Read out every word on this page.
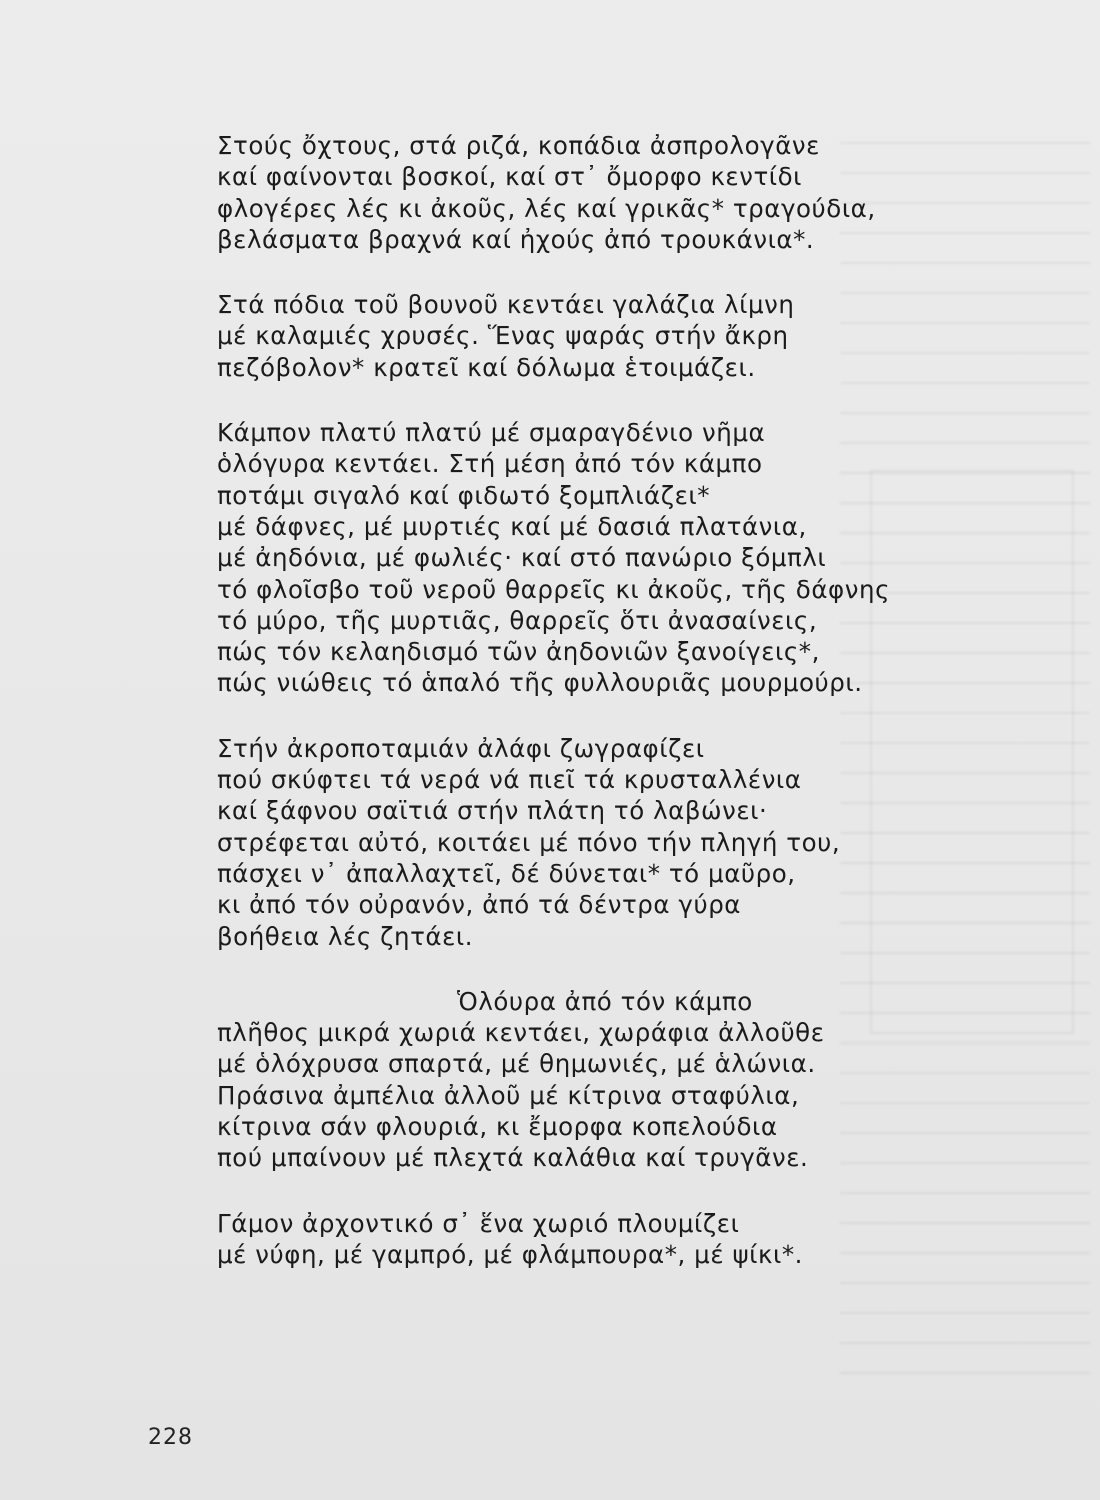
Στούς ὄχτους, στά ριζά, κοπάδια ἀσπρολογᾶνε
καί φαίνονται βοσκοί, καί στ᾽ ὄμορφο κεντίδι
φλογέρες λές κι ἀκοῦς, λές καί γρικᾶς* τραγούδια,
βελάσματα βραχνά καί ἠχούς ἀπό τρουκάνια*.
Στά πόδια τοῦ βουνοῦ κεντάει γαλάζια λίμνη
μέ καλαμιές χρυσές. Ἕνας ψαράς στήν ἄκρη
πεζόβολον* κρατεῖ καί δόλωμα ἑτοιμάζει.
Κάμπον πλατύ πλατύ μέ σμαραγδένιο νῆμα
ὁλόγυρα κεντάει. Στή μέση ἀπό τόν κάμπο
ποτάμι σιγαλό καί φιδωτό ξομπλιάζει*
μέ δάφνες, μέ μυρτιές καί μέ δασιά πλατάνια,
μέ ἀηδόνια, μέ φωλιές· καί στό πανώριο ξόμπλι
τό φλοῖσβο τοῦ νεροῦ θαρρεῖς κι ἀκοῦς, τῆς δάφνης
τό μύρο, τῆς μυρτιᾶς, θαρρεῖς ὅτι ἀνασαίνεις,
πώς τόν κελαηδισμό τῶν ἀηδονιῶν ξανοίγεις*,
πώς νιώθεις τό ἁπαλό τῆς φυλλουριᾶς μουρμούρι.
Στήν ἀκροποταμιάν ἀλάφι ζωγραφίζει
πού σκύφτει τά νερά νά πιεῖ τά κρυσταλλένια
καί ξάφνου σαϊτιά στήν πλάτη τό λαβώνει·
στρέφεται αὐτό, κοιτάει μέ πόνο τήν πληγή του,
πάσχει ν᾽ ἀπαλλαχτεῖ, δέ δύνεται* τό μαῦρο,
κι ἀπό τόν οὐρανόν, ἀπό τά δέντρα γύρα
βοήθεια λές ζητάει.
Ὁλόυρα ἀπό τόν κάμπο
πλῆθος μικρά χωριά κεντάει, χωράφια ἀλλοῦθε
μέ ὁλόχρυσα σπαρτά, μέ θημωνιές, μέ ἁλώνια.
Πράσινα ἀμπέλια ἀλλοῦ μέ κίτρινα σταφύλια,
κίτρινα σάν φλουριά, κι ἔμορφα κοπελούδια
πού μπαίνουν μέ πλεχτά καλάθια καί τρυγᾶνε.
Γάμον ἀρχοντικό σ᾽ ἕνα χωριό πλουμίζει
μέ νύφη, μέ γαμπρό, μέ φλάμπουρα*, μέ ψίκι*.
228
